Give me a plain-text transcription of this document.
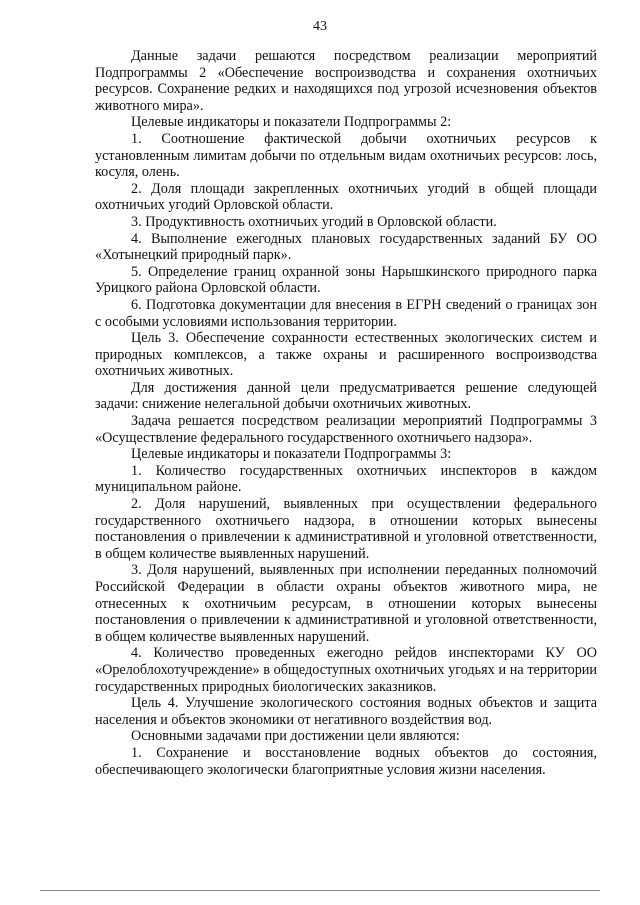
43

Данные задачи решаются посредством реализации мероприятий Подпрограммы 2 «Обеспечение воспроизводства и сохранения охотничьих ресурсов. Сохранение редких и находящихся под угрозой исчезновения объектов животного мира».

Целевые индикаторы и показатели Подпрограммы 2:

1. Соотношение фактической добычи охотничьих ресурсов к установленным лимитам добычи по отдельным видам охотничьих ресурсов: лось, косуля, олень.

2. Доля площади закрепленных охотничьих угодий в общей площади охотничьих угодий Орловской области.

3. Продуктивность охотничьих угодий в Орловской области.

4. Выполнение ежегодных плановых государственных заданий БУ ОО «Хотынецкий природный парк».

5. Определение границ охранной зоны Нарышкинского природного парка Урицкого района Орловской области.

6. Подготовка документации для внесения в ЕГРН сведений о границах зон с особыми условиями использования территории.

Цель 3. Обеспечение сохранности естественных экологических систем и природных комплексов, а также охраны и расширенного воспроизводства охотничьих животных.

Для достижения данной цели предусматривается решение следующей задачи: снижение нелегальной добычи охотничьих животных.

Задача решается посредством реализации мероприятий Подпрограммы 3 «Осуществление федерального государственного охотничьего надзора».

Целевые индикаторы и показатели Подпрограммы 3:

1. Количество государственных охотничьих инспекторов в каждом муниципальном районе.

2. Доля нарушений, выявленных при осуществлении федерального государственного охотничьего надзора, в отношении которых вынесены постановления о привлечении к административной и уголовной ответственности, в общем количестве выявленных нарушений.

3. Доля нарушений, выявленных при исполнении переданных полномочий Российской Федерации в области охраны объектов животного мира, не отнесенных к охотничьим ресурсам, в отношении которых вынесены постановления о привлечении к административной и уголовной ответственности, в общем количестве выявленных нарушений.

4. Количество проведенных ежегодно рейдов инспекторами КУ ОО «Орелоблохотучреждение» в общедоступных охотничьих угодьях и на территории государственных природных биологических заказников.

Цель 4. Улучшение экологического состояния водных объектов и защита населения и объектов экономики от негативного воздействия вод.

Основными задачами при достижении цели являются:

1. Сохранение и восстановление водных объектов до состояния, обеспечивающего экологически благоприятные условия жизни населения.
